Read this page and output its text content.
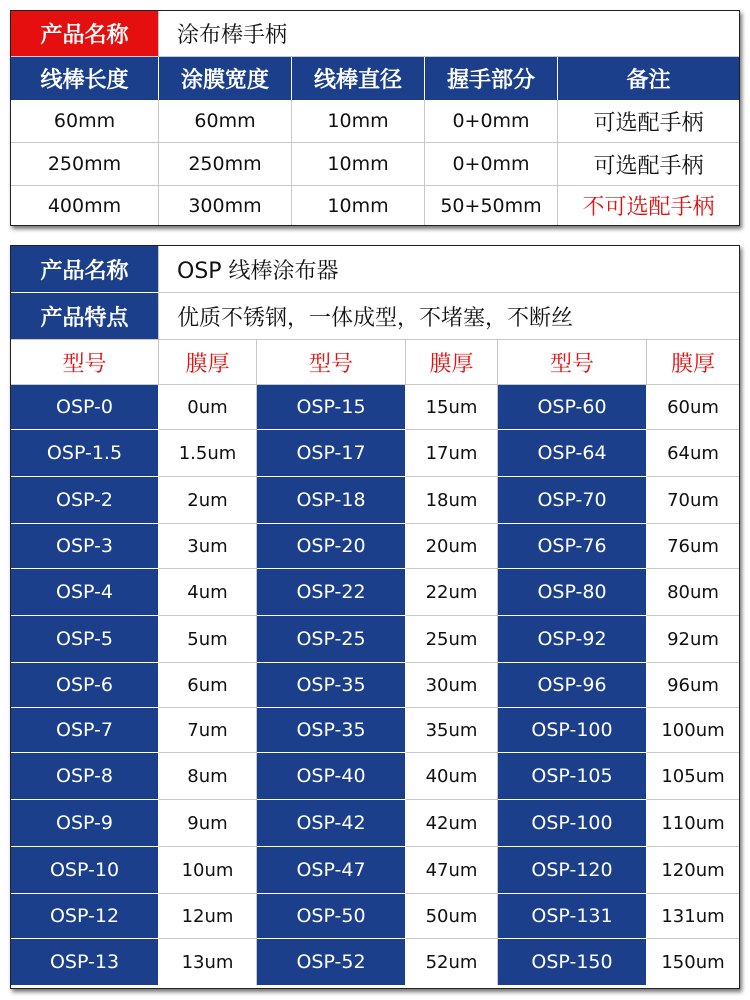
产品名称	涂布棒手柄
线棒长度	涂膜宽度	线棒直径	握手部分	备注
60mm	60mm	10mm	0+0mm	可选配手柄
250mm	250mm	10mm	0+0mm	可选配手柄
400mm	300mm	10mm	50+50mm	不可选配手柄
产品名称	OSP 线棒涂布器
产品特点	优质不锈钢，一体成型，不堵塞，不断丝
型号	膜厚	型号	膜厚	型号	膜厚
OSP-0	0um	OSP-15	15um	OSP-60	60um
OSP-1.5	1.5um	OSP-17	17um	OSP-64	64um
OSP-2	2um	OSP-18	18um	OSP-70	70um
OSP-3	3um	OSP-20	20um	OSP-76	76um
OSP-4	4um	OSP-22	22um	OSP-80	80um
OSP-5	5um	OSP-25	25um	OSP-92	92um
OSP-6	6um	OSP-35	30um	OSP-96	96um
OSP-7	7um	OSP-35	35um	OSP-100	100um
OSP-8	8um	OSP-40	40um	OSP-105	105um
OSP-9	9um	OSP-42	42um	OSP-100	110um
OSP-10	10um	OSP-47	47um	OSP-120	120um
OSP-12	12um	OSP-50	50um	OSP-131	131um
OSP-13	13um	OSP-52	52um	OSP-150	150um
